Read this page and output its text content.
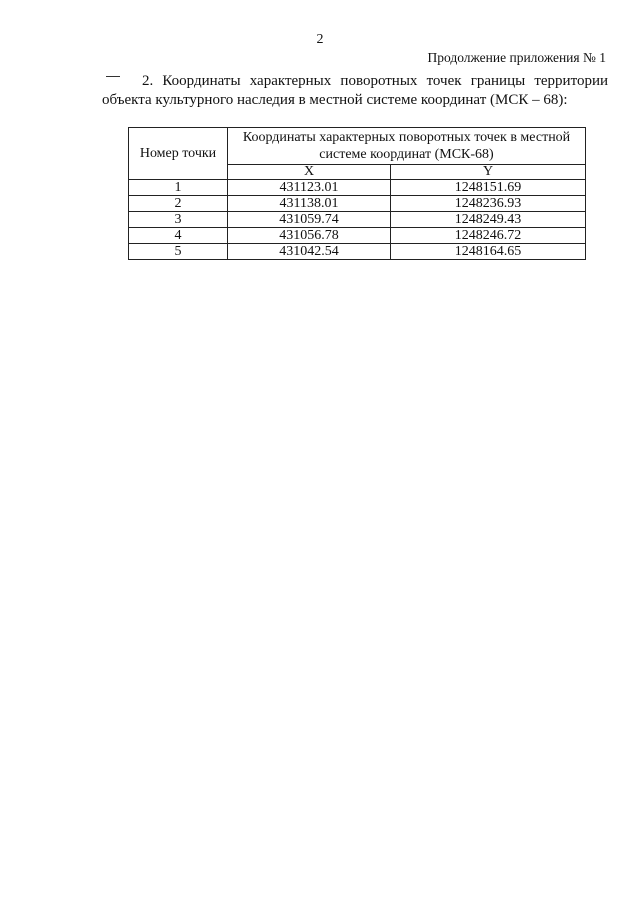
2
Продолжение приложения № 1
2. Координаты характерных поворотных точек границы территории
объекта культурного наследия в местной системе координат (МСК – 68):
Номер точки	Координаты характерных поворотных точек в местной системе координат (МСК-68)	
	X	Y
1	431123.01	1248151.69
2	431138.01	1248236.93
3	431059.74	1248249.43
4	431056.78	1248246.72
5	431042.54	1248164.65
